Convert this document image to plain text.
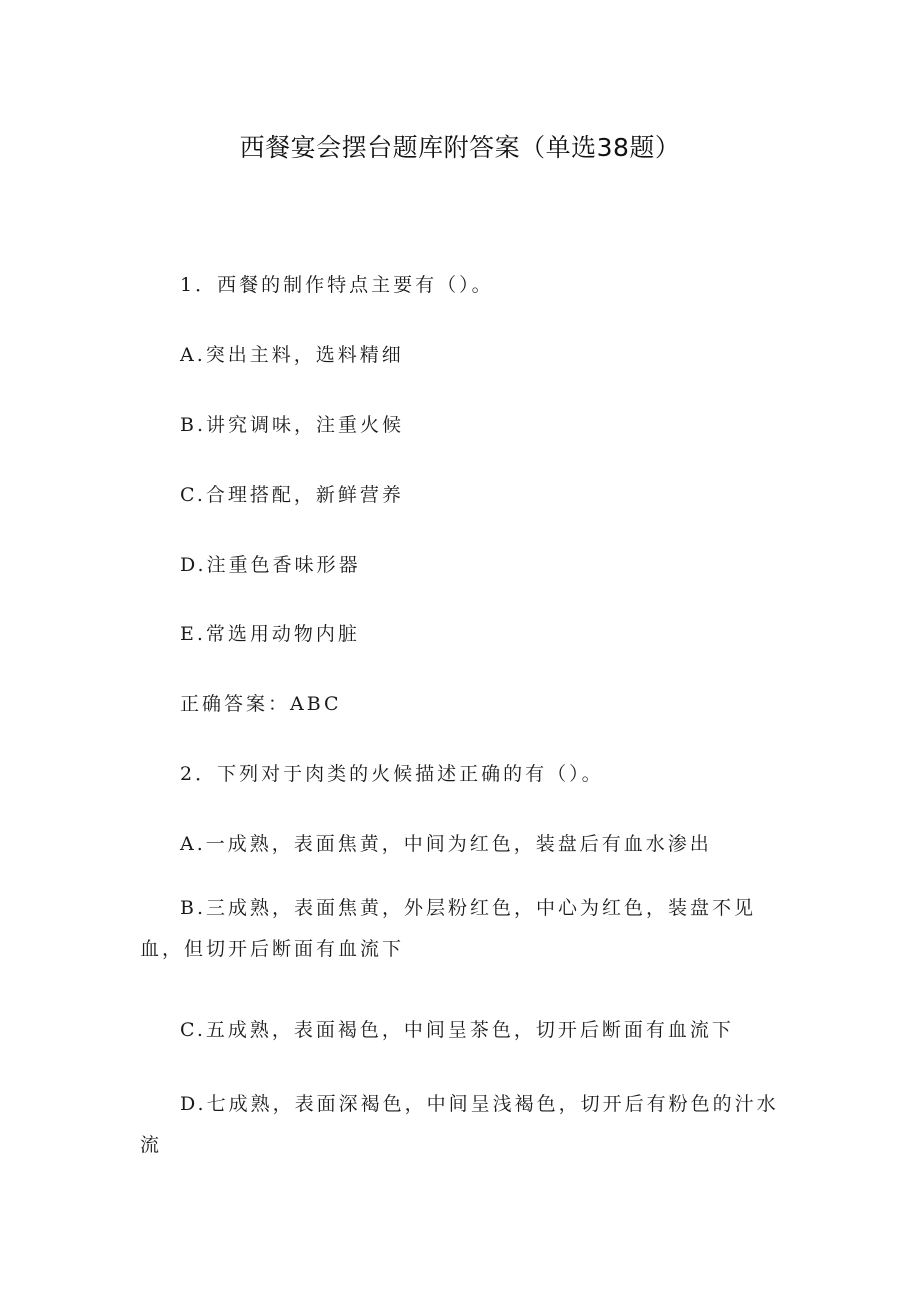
西餐宴会摆台题库附答案（单选38题）
1．西餐的制作特点主要有（）。
A.突出主料，选料精细
B.讲究调味，注重火候
C.合理搭配，新鲜营养
D.注重色香味形器
E.常选用动物内脏
正确答案：ABC
2．下列对于肉类的火候描述正确的有（）。
A.一成熟，表面焦黄，中间为红色，装盘后有血水渗出
B.三成熟，表面焦黄，外层粉红色，中心为红色，装盘不见血，但切开后断面有血流下
C.五成熟，表面褐色，中间呈茶色，切开后断面有血流下
D.七成熟，表面深褐色，中间呈浅褐色，切开后有粉色的汁水流
